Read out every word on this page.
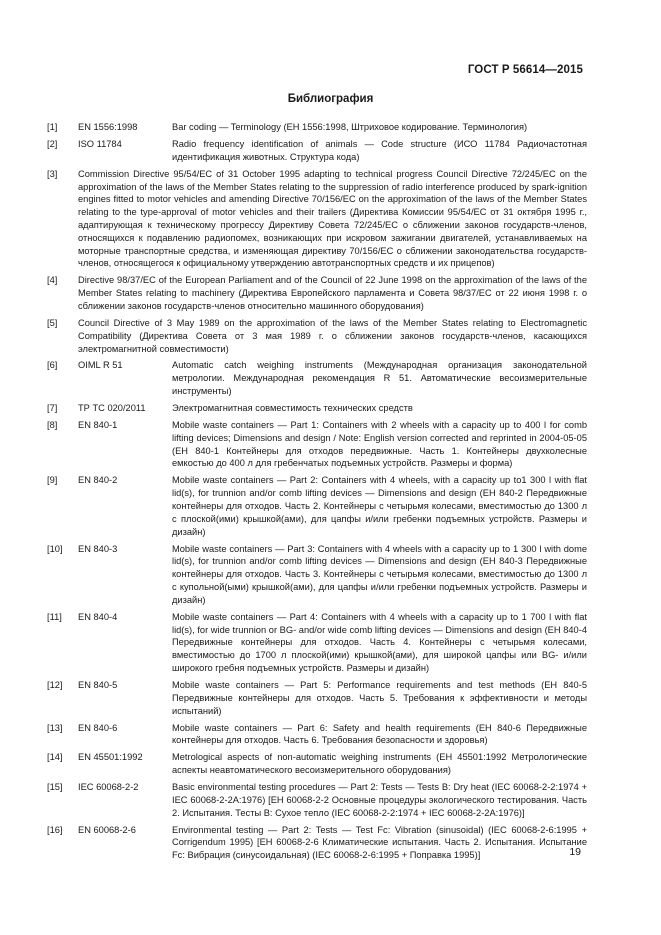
ГОСТ Р 56614—2015
Библиография
[1] EN 1556:1998	Bar coding — Terminology (ЕН 1556:1998, Штриховое кодирование. Терминология)
[2] ISO 11784	Radio frequency identification of animals — Code structure (ИСО 11784 Радиочастотная идентификация животных. Структура кода)
[3] Commission Directive 95/54/EC of 31 October 1995 adapting to technical progress Council Directive 72/245/EC on the approximation of the laws of the Member States relating to the suppression of radio interference produced by spark-ignition engines fitted to motor vehicles and amending Directive 70/156/EC on the approximation of the laws of the Member States relating to the type-approval of motor vehicles and their trailers (Директива Комиссии 95/54/ЕС от 31 октября 1995 г., адаптирующая к техническому прогрессу Директиву Совета 72/245/ЕС о сближении законов государств-членов, относящихся к подавлению радиопомех, возникающих при искровом зажигании двигателей, устанавливаемых на моторные транспортные средства, и изменяющая директиву 70/156/ЕС о сближении законодательства государств-членов, относящегося к официальному утверждению автотранспортных средств и их прицепов)
[4] Directive 98/37/EC of the European Parliament and of the Council of 22 June 1998 on the approximation of the laws of the Member States relating to machinery (Директива Европейского парламента и Совета 98/37/ЕС от 22 июня 1998 г. о сближении законов государств-членов относительно машинного оборудования)
[5] Council Directive of 3 May 1989 on the approximation of the laws of the Member States relating to Electromagnetic Compatibility (Директива Совета от 3 мая 1989 г. о сближении законов государств-членов, касающихся электромагнитной совместимости)
[6] OIML R 51	Automatic catch weighing instruments (Международная организация законодательной метрологии. Международная рекомендация R 51. Автоматические весоизмерительные инструменты)
[7] ТР ТС 020/2011	Электромагнитная совместимость технических средств
[8] EN 840-1	Mobile waste containers — Part 1: Containers with 2 wheels with a capacity up to 400 l for comb lifting devices; Dimensions and design / Note: English version corrected and reprinted in 2004-05-05 (ЕН 840-1 Контейнеры для отходов передвижные. Часть 1. Контейнеры двухколесные емкостью до 400 л для гребенчатых подъемных устройств. Размеры и форма)
[9] EN 840-2	Mobile waste containers — Part 2: Containers with 4 wheels, with a capacity up to1 300 l with flat lid(s), for trunnion and/or comb lifting devices — Dimensions and design (ЕН 840-2 Передвижные контейнеры для отходов. Часть 2. Контейнеры с четырьмя колесами, вместимостью до 1300 л с плоской(ими) крышкой(ами), для цапфы и/или гребенки подъемных устройств. Размеры и дизайн)
[10] EN 840-3	Mobile waste containers — Part 3: Containers with 4 wheels with a capacity up to 1 300 l with dome lid(s), for trunnion and/or comb lifting devices — Dimensions and design (ЕН 840-3 Передвижные контейнеры для отходов. Часть 3. Контейнеры с четырьмя колесами, вместимостью до 1300 л с купольной(ыми) крышкой(ами), для цапфы и/или гребенки подъемных устройств. Размеры и дизайн)
[11] EN 840-4	Mobile waste containers — Part 4: Containers with 4 wheels with a capacity up to 1 700 l with flat lid(s), for wide trunnion or BG- and/or wide comb lifting devices — Dimensions and design (ЕН 840-4 Передвижные контейнеры для отходов. Часть 4. Контейнеры с четырьмя колесами, вместимостью до 1700 л плоской(ими) крышкой(ами), для широкой цапфы или BG- и/или широкого гребня подъемных устройств. Размеры и дизайн)
[12] EN 840-5	Mobile waste containers — Part 5: Performance requirements and test methods (ЕН 840-5 Передвижные контейнеры для отходов. Часть 5. Требования к эффективности и методы испытаний)
[13] EN 840-6	Mobile waste containers — Part 6: Safety and health requirements (ЕН 840-6 Передвижные контейнеры для отходов. Часть 6. Требования безопасности и здоровья)
[14] EN 45501:1992	Metrological aspects of non-automatic weighing instruments (ЕН 45501:1992 Метрологические аспекты неавтоматического весоизмерительного оборудования)
[15] IEC 60068-2-2	Basic environmental testing procedures — Part 2: Tests — Tests B: Dry heat (IEC 60068-2-2:1974 + IEC 60068-2-2A:1976) [ЕН 60068-2-2 Основные процедуры экологического тестирования. Часть 2. Испытания. Тесты В: Сухое тепло (IEC 60068-2-2:1974 + IEC 60068-2-2A:1976)]
[16] EN 60068-2-6	Environmental testing — Part 2: Tests — Test Fc: Vibration (sinusoidal) (IEC 60068-2-6:1995 + Corrigendum 1995) [ЕН 60068-2-6 Климатические испытания. Часть 2. Испытания. Испытание Fc: Вибрация (синусоидальная) (IEC 60068-2-6:1995 + Поправка 1995)]	19
